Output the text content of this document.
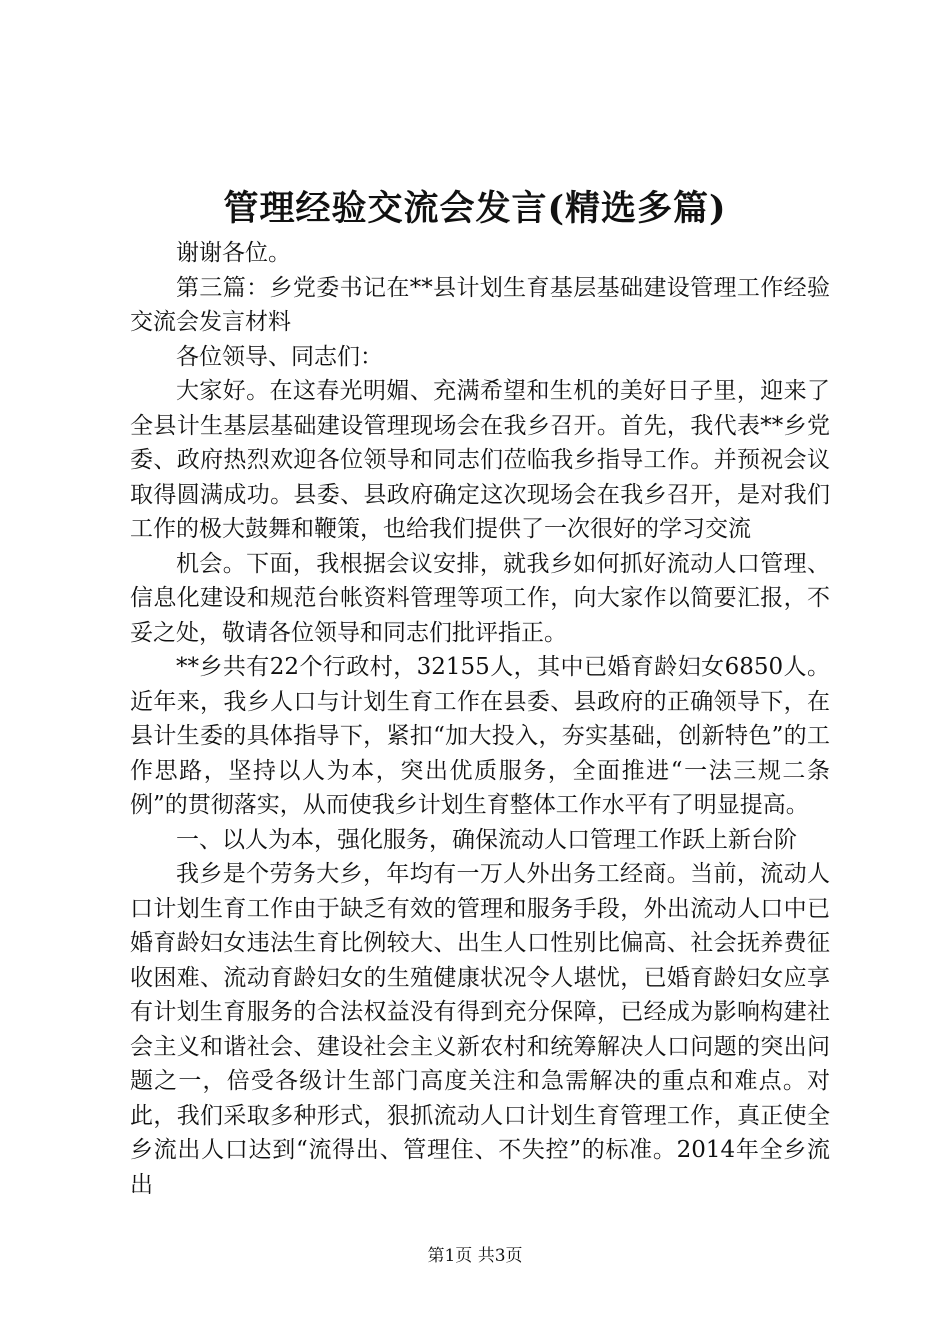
管理经验交流会发言(精选多篇)

谢谢各位。

第三篇：乡党委书记在**县计划生育基层基础建设管理工作经验交流会发言材料

各位领导、同志们：

大家好。在这春光明媚、充满希望和生机的美好日子里，迎来了全县计生基层基础建设管理现场会在我乡召开。首先，我代表**乡党委、政府热烈欢迎各位领导和同志们莅临我乡指导工作。并预祝会议取得圆满成功。县委、县政府确定这次现场会在我乡召开，是对我们工作的极大鼓舞和鞭策，也给我们提供了一次很好的学习交流

机会。下面，我根据会议安排，就我乡如何抓好流动人口管理、信息化建设和规范台帐资料管理等项工作，向大家作以简要汇报，不妥之处，敬请各位领导和同志们批评指正。

**乡共有22个行政村，32155人，其中已婚育龄妇女6850人。近年来，我乡人口与计划生育工作在县委、县政府的正确领导下，在县计生委的具体指导下，紧扣“加大投入，夯实基础，创新特色”的工作思路，坚持以人为本，突出优质服务，全面推进“一法三规二条例”的贯彻落实，从而使我乡计划生育整体工作水平有了明显提高。

一、以人为本，强化服务，确保流动人口管理工作跃上新台阶

我乡是个劳务大乡，年均有一万人外出务工经商。当前，流动人口计划生育工作由于缺乏有效的管理和服务手段，外出流动人口中已婚育龄妇女违法生育比例较大、出生人口性别比偏高、社会抚养费征收困难、流动育龄妇女的生殖健康状况令人堪忧，已婚育龄妇女应享有计划生育服务的合法权益没有得到充分保障，已经成为影响构建社会主义和谐社会、建设社会主义新农村和统筹解决人口问题的突出问题之一，倍受各级计生部门高度关注和急需解决的重点和难点。对此，我们采取多种形式，狠抓流动人口计划生育管理工作，真正使全乡流出人口达到“流得出、管理住、不失控”的标准。2014年全乡流出

第1页 共3页
